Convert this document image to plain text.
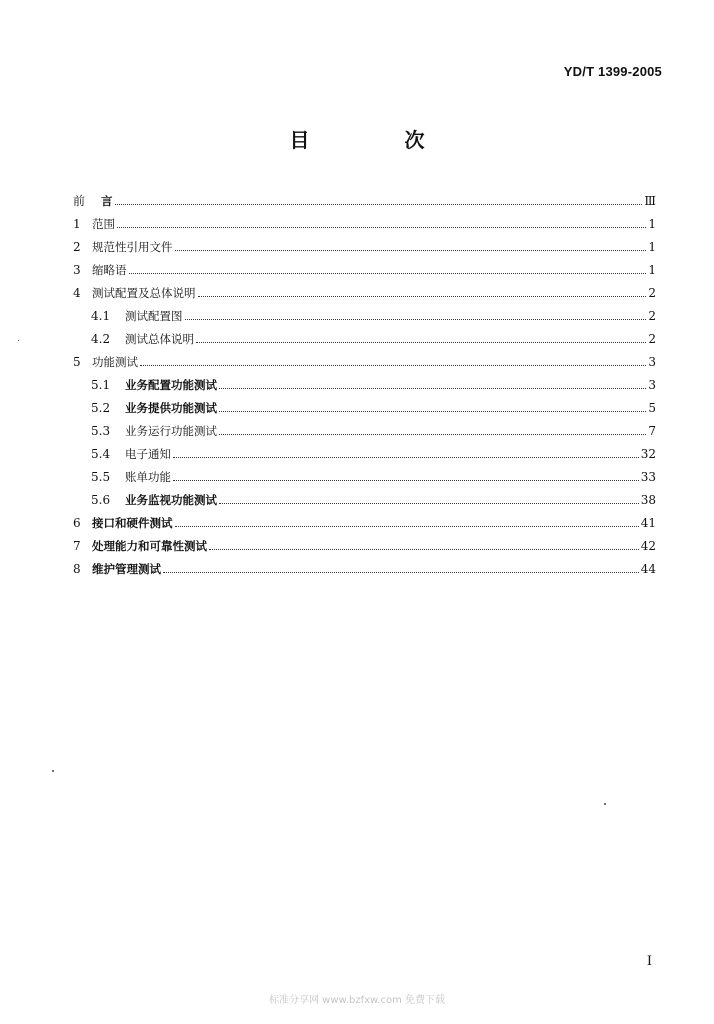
YD/T 1399-2005
目 次
前	言	Ⅲ
1 范围	1
2 规范性引用文件	1
3 缩略语	1
4 测试配置及总体说明	2
4.1	测试配置图	2
4.2	测试总体说明	2
5 功能测试	3
5.1	业务配置功能测试	3
5.2	业务提供功能测试	5
5.3	业务运行功能测试	7
5.4	电子通知	32
5.5	账单功能	33
5.6	业务监视功能测试	38
6 接口和硬件测试	41
7 处理能力和可靠性测试	42
8 维护管理测试	44
I
标准分享网 www.bzfxw.com 免费下载
